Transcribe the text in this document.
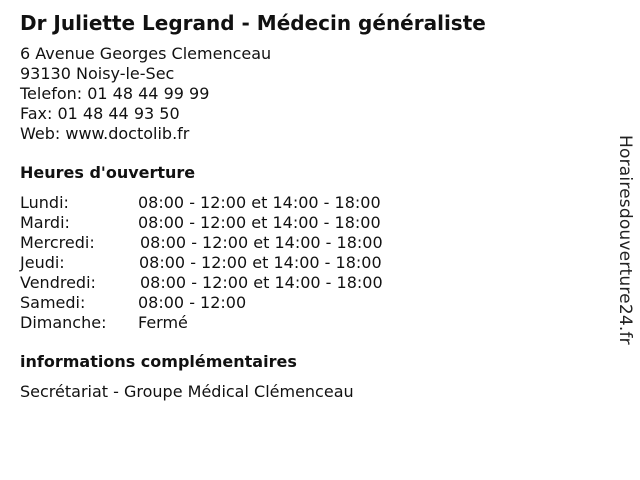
Dr Juliette Legrand - Médecin généraliste
6 Avenue Georges Clemenceau
93130 Noisy-le-Sec
Telefon: 01 48 44 99 99
Fax: 01 48 44 93 50
Web: www.doctolib.fr
Heures d'ouverture
Lundi:	08:00 - 12:00 et 14:00 - 18:00
Mardi:	08:00 - 12:00 et 14:00 - 18:00
Mercredi:	08:00 - 12:00 et 14:00 - 18:00
Jeudi:	08:00 - 12:00 et 14:00 - 18:00
Vendredi:	08:00 - 12:00 et 14:00 - 18:00
Samedi:	08:00 - 12:00
Dimanche:	Fermé
informations complémentaires
Secrétariat - Groupe Médical Clémenceau
Horairesdouverture24.fr
